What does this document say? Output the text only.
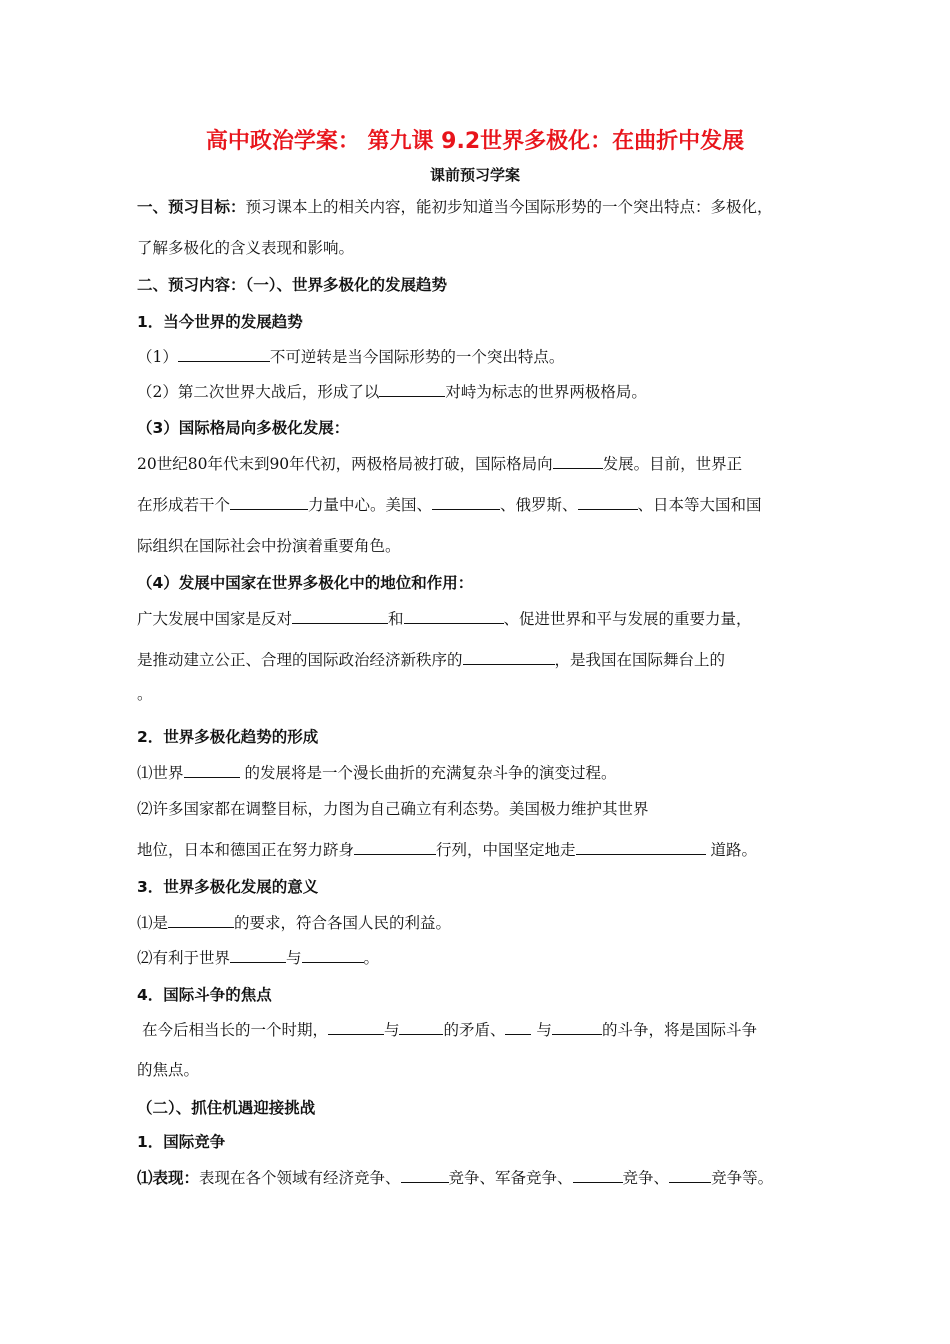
高中政治学案： 第九课 9.2世界多极化：在曲折中发展
课前预习学案
一、预习目标：预习课本上的相关内容，能初步知道当今国际形势的一个突出特点：多极化，
了解多极化的含义表现和影响。
二、预习内容：（一）、世界多极化的发展趋势
1．当今世界的发展趋势
（1）	不可逆转是当今国际形势的一个突出特点。
（2）第二次世界大战后，形成了以	对峙为标志的世界两极格局。
（3）国际格局向多极化发展：
20世纪80年代末到90年代初，两极格局被打破，国际格局向	发展。目前，世界正
在形成若干个	力量中心。美国、	、俄罗斯、	、日本等大国和国
际组织在国际社会中扮演着重要角色。
（4）发展中国家在世界多极化中的地位和作用：
广大发展中国家是反对	和	、促进世界和平与发展的重要力量，
是推动建立公正、合理的国际政治经济新秩序的	，是我国在国际舞台上的
。
2．世界多极化趋势的形成
⑴世界	的发展将是一个漫长曲折的充满复杂斗争的演变过程。
⑵许多国家都在调整目标，力图为自己确立有利态势。美国极力维护其世界
地位，日本和德国正在努力跻身	行列，中国坚定地走	道路。
3．世界多极化发展的意义
⑴是	的要求，符合各国人民的利益。
⑵有利于世界	与	。
4．国际斗争的焦点
在今后相当长的一个时期，	与	的矛盾、 与	的斗争，将是国际斗争
的焦点。
（二）、抓住机遇迎接挑战
1．国际竞争
⑴表现：表现在各个领域有经济竞争、	竞争、军备竞争、	竞争、	竞争等。
